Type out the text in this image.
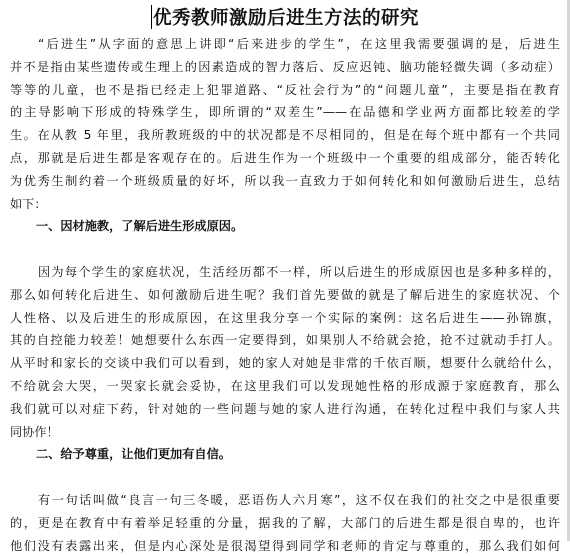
优秀教师激励后进生方法的研究
“后进生”从字面的意思上讲即“后来进步的学生”，在这里我需要强调的是，后进生
并不是指由某些遗传或生理上的因素造成的智力落后、反应迟钝、脑功能轻微失调（多动症）
等等的儿童，也不是指已经走上犯罪道路、“反社会行为”的“问题儿童”，主要是指在教育
的主导影响下形成的特殊学生，即所谓的“双差生”——在品德和学业两方面都比较差的学
生。在从教 5 年里，我所教班级的中的状况都是不尽相同的，但是在每个班中都有一个共同
点，那就是后进生都是客观存在的。后进生作为一个班级中一个重要的组成部分，能否转化
为优秀生制约着一个班级质量的好坏，所以我一直致力于如何转化和如何激励后进生，总结
如下：
一、因材施教，了解后进生形成原因。
因为每个学生的家庭状况，生活经历都不一样，所以后进生的形成原因也是多种多样的，
那么如何转化后进生、如何激励后进生呢？我们首先要做的就是了解后进生的家庭状况、个
人性格、以及后进生的形成原因，在这里我分享一个实际的案例：这名后进生——孙锦旗，
其的自控能力较差！她想要什么东西一定要得到，如果别人不给就会抢，抢不过就动手打人。
从平时和家长的交谈中我们可以看到，她的家人对她是非常的千依百顺，想要什么就给什么，
不给就会大哭，一哭家长就会妥协，在这里我们可以发现她性格的形成源于家庭教育，那么
我们就可以对症下药，针对她的一些问题与她的家人进行沟通，在转化过程中我们与家人共
同协作！
二、给予尊重，让他们更加有自信。
有一句话叫做“良言一句三冬暖，恶语伤人六月寒”，这不仅在我们的社交之中是很重要
的，更是在教育中有着举足轻重的分量，据我的了解，大部门的后进生都是很自卑的，也许
他们没有表露出来，但是内心深处是很渴望得到同学和老师的肯定与尊重的，那么我们如何
